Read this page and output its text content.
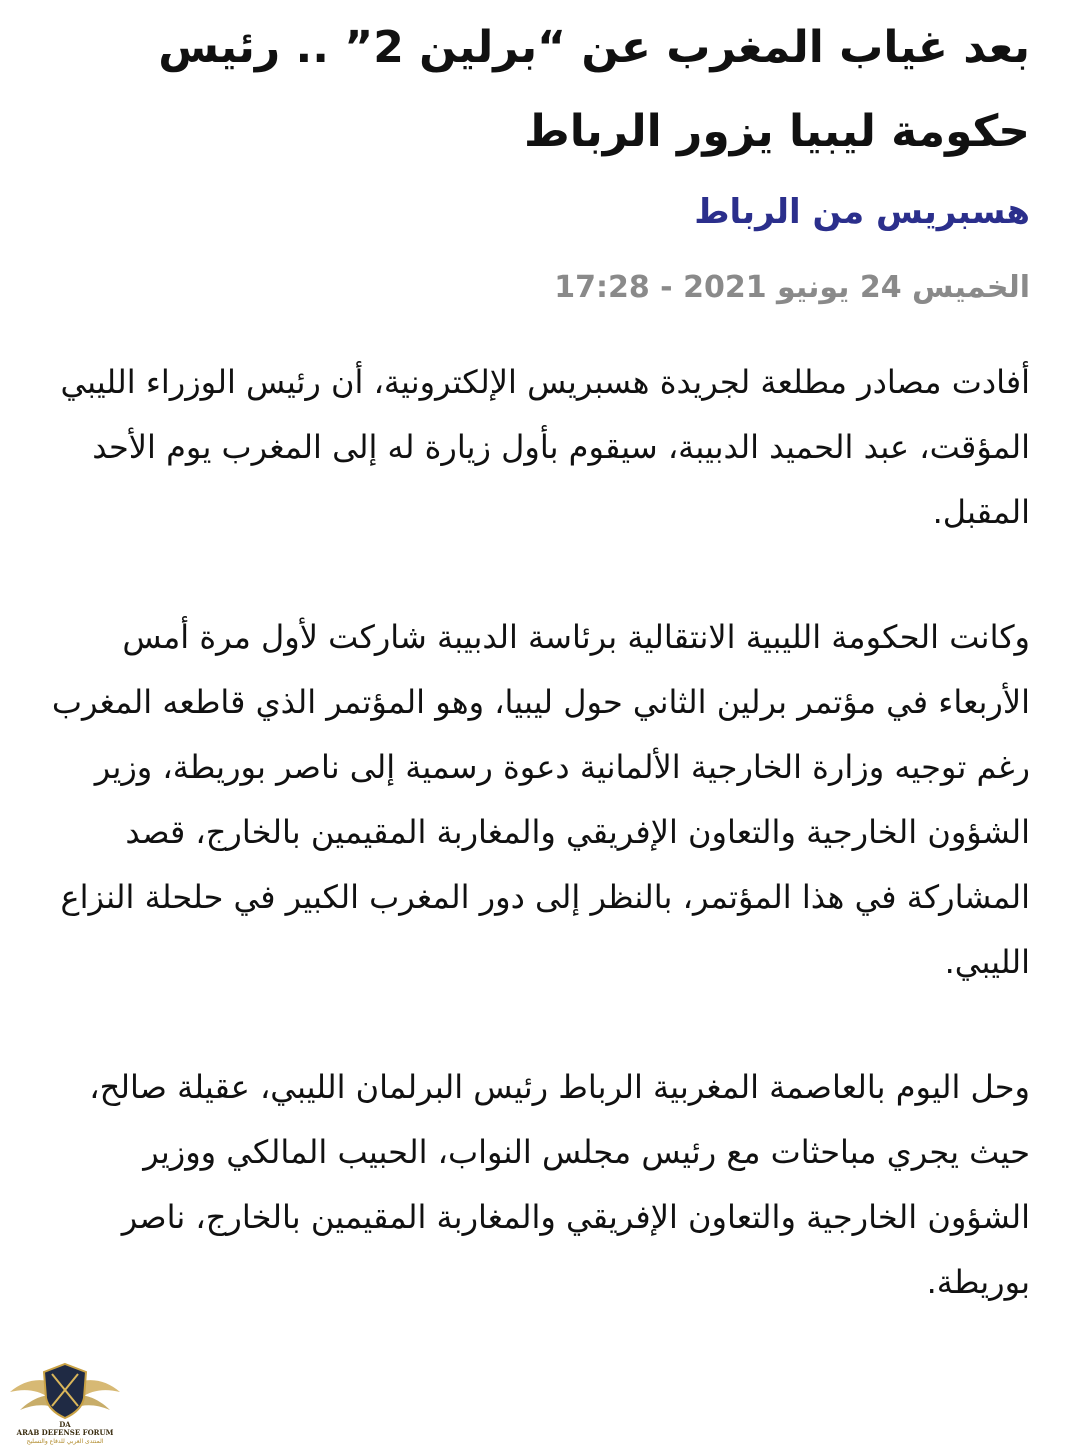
بعد غياب المغرب عن “برلين 2” .. رئيس حكومة ليبيا يزور الرباط

هسبريس من الرباط

الخميس 24 يونيو 2021 - 17:28

أفادت مصادر مطلعة لجريدة هسبريس الإلكترونية، أن رئيس الوزراء الليبي المؤقت، عبد الحميد الدبيبة، سيقوم بأول زيارة له إلى المغرب يوم الأحد المقبل.

وكانت الحكومة الليبية الانتقالية برئاسة الدبيبة شاركت لأول مرة أمس الأربعاء في مؤتمر برلين الثاني حول ليبيا، وهو المؤتمر الذي قاطعه المغرب رغم توجيه وزارة الخارجية الألمانية دعوة رسمية إلى ناصر بوريطة، وزير الشؤون الخارجية والتعاون الإفريقي والمغاربة المقيمين بالخارج، قصد المشاركة في هذا المؤتمر، بالنظر إلى دور المغرب الكبير في حلحلة النزاع الليبي.

وحل اليوم بالعاصمة المغربية الرباط رئيس البرلمان الليبي، عقيلة صالح، حيث يجري مباحثات مع رئيس مجلس النواب، الحبيب المالكي ووزير الشؤون الخارجية والتعاون الإفريقي والمغاربة المقيمين بالخارج، ناصر بوريطة.

DA
ARAB DEFENSE FORUM
المنتدى العربي للدفاع والتسليح
